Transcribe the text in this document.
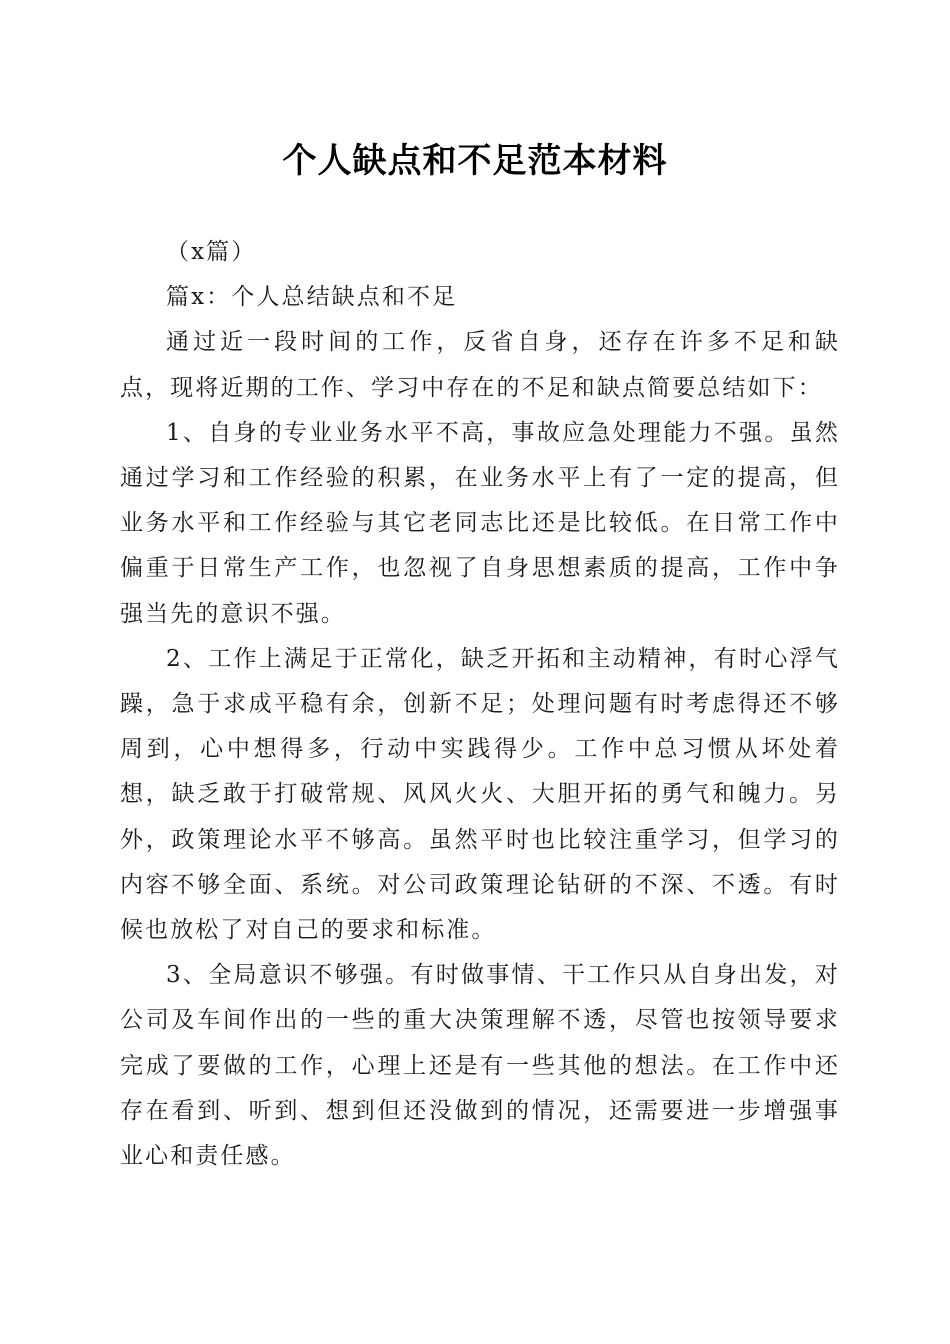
个人缺点和不足范本材料

（x篇）

篇x：个人总结缺点和不足

通过近一段时间的工作，反省自身，还存在许多不足和缺点，现将近期的工作、学习中存在的不足和缺点简要总结如下：

1、自身的专业业务水平不高，事故应急处理能力不强。虽然通过学习和工作经验的积累，在业务水平上有了一定的提高，但业务水平和工作经验与其它老同志比还是比较低。在日常工作中偏重于日常生产工作，也忽视了自身思想素质的提高，工作中争强当先的意识不强。

2、工作上满足于正常化，缺乏开拓和主动精神，有时心浮气躁，急于求成平稳有余，创新不足；处理问题有时考虑得还不够周到，心中想得多，行动中实践得少。工作中总习惯从坏处着想，缺乏敢于打破常规、风风火火、大胆开拓的勇气和魄力。另外，政策理论水平不够高。虽然平时也比较注重学习，但学习的内容不够全面、系统。对公司政策理论钻研的不深、不透。有时候也放松了对自己的要求和标准。

3、全局意识不够强。有时做事情、干工作只从自身出发，对公司及车间作出的一些的重大决策理解不透，尽管也按领导要求完成了要做的工作，心理上还是有一些其他的想法。在工作中还存在看到、听到、想到但还没做到的情况，还需要进一步增强事业心和责任感。
